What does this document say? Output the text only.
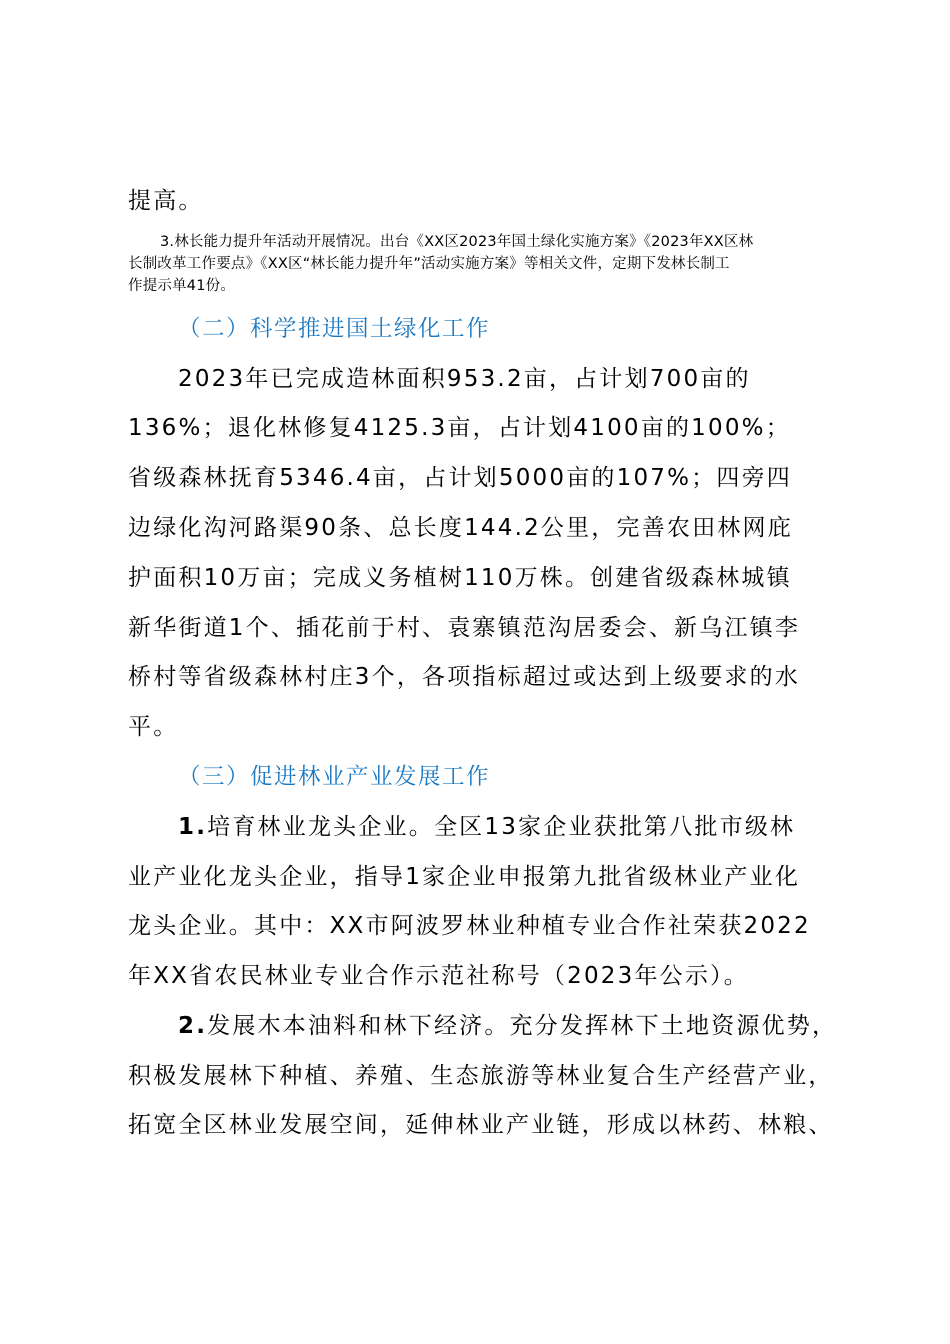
提高。
3.林长能力提升年活动开展情况。出台《XX区2023年国土绿化实施方案》《2023年XX区林
长制改革工作要点》《XX区“林长能力提升年”活动实施方案》等相关文件，定期下发林长制工
作提示单41份。
（二）科学推进国土绿化工作
2023年已完成造林面积953.2亩，占计划700亩的
136%；退化林修复4125.3亩，占计划4100亩的100%；
省级森林抚育5346.4亩，占计划5000亩的107%；四旁四
边绿化沟河路渠90条、总长度144.2公里，完善农田林网庇
护面积10万亩；完成义务植树110万株。创建省级森林城镇
新华街道1个、插花前于村、袁寨镇范沟居委会、新乌江镇李
桥村等省级森林村庄3个，各项指标超过或达到上级要求的水
平。
（三）促进林业产业发展工作
1.培育林业龙头企业。全区13家企业获批第八批市级林
业产业化龙头企业，指导1家企业申报第九批省级林业产业化
龙头企业。其中：XX市阿波罗林业种植专业合作社荣获2022
年XX省农民林业专业合作示范社称号（2023年公示）。
2.发展木本油料和林下经济。充分发挥林下土地资源优势，
积极发展林下种植、养殖、生态旅游等林业复合生产经营产业，
拓宽全区林业发展空间，延伸林业产业链，形成以林药、林粮、
